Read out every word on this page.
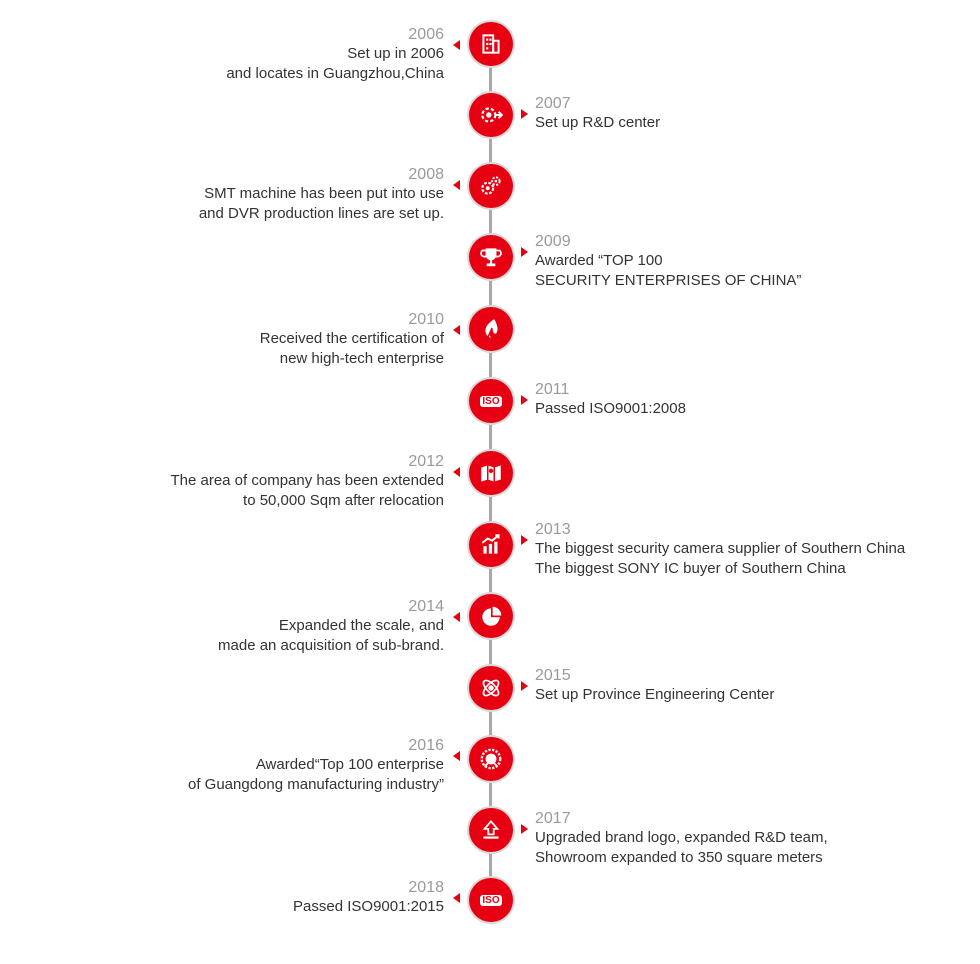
2006
Set up in 2006
and locates in Guangzhou,China
2007
Set up R&D center
2008
SMT machine has been put into use
and DVR production lines are set up.
2009
Awarded “TOP 100
SECURITY ENTERPRISES OF CHINA”
2010
Received the certification of
new high-tech enterprise
ISO
2011
Passed ISO9001:2008
2012
The area of company has been extended
to 50,000 Sqm after relocation
2013
The biggest security camera supplier of Southern China
The biggest SONY IC buyer of Southern China
2014
Expanded the scale, and
made an acquisition of sub-brand.
2015
Set up Province Engineering Center
2016
Awarded“Top 100 enterprise
of Guangdong manufacturing industry”
2017
Upgraded brand logo, expanded R&D team,
Showroom expanded to 350 square meters
ISO
2018
Passed ISO9001:2015
